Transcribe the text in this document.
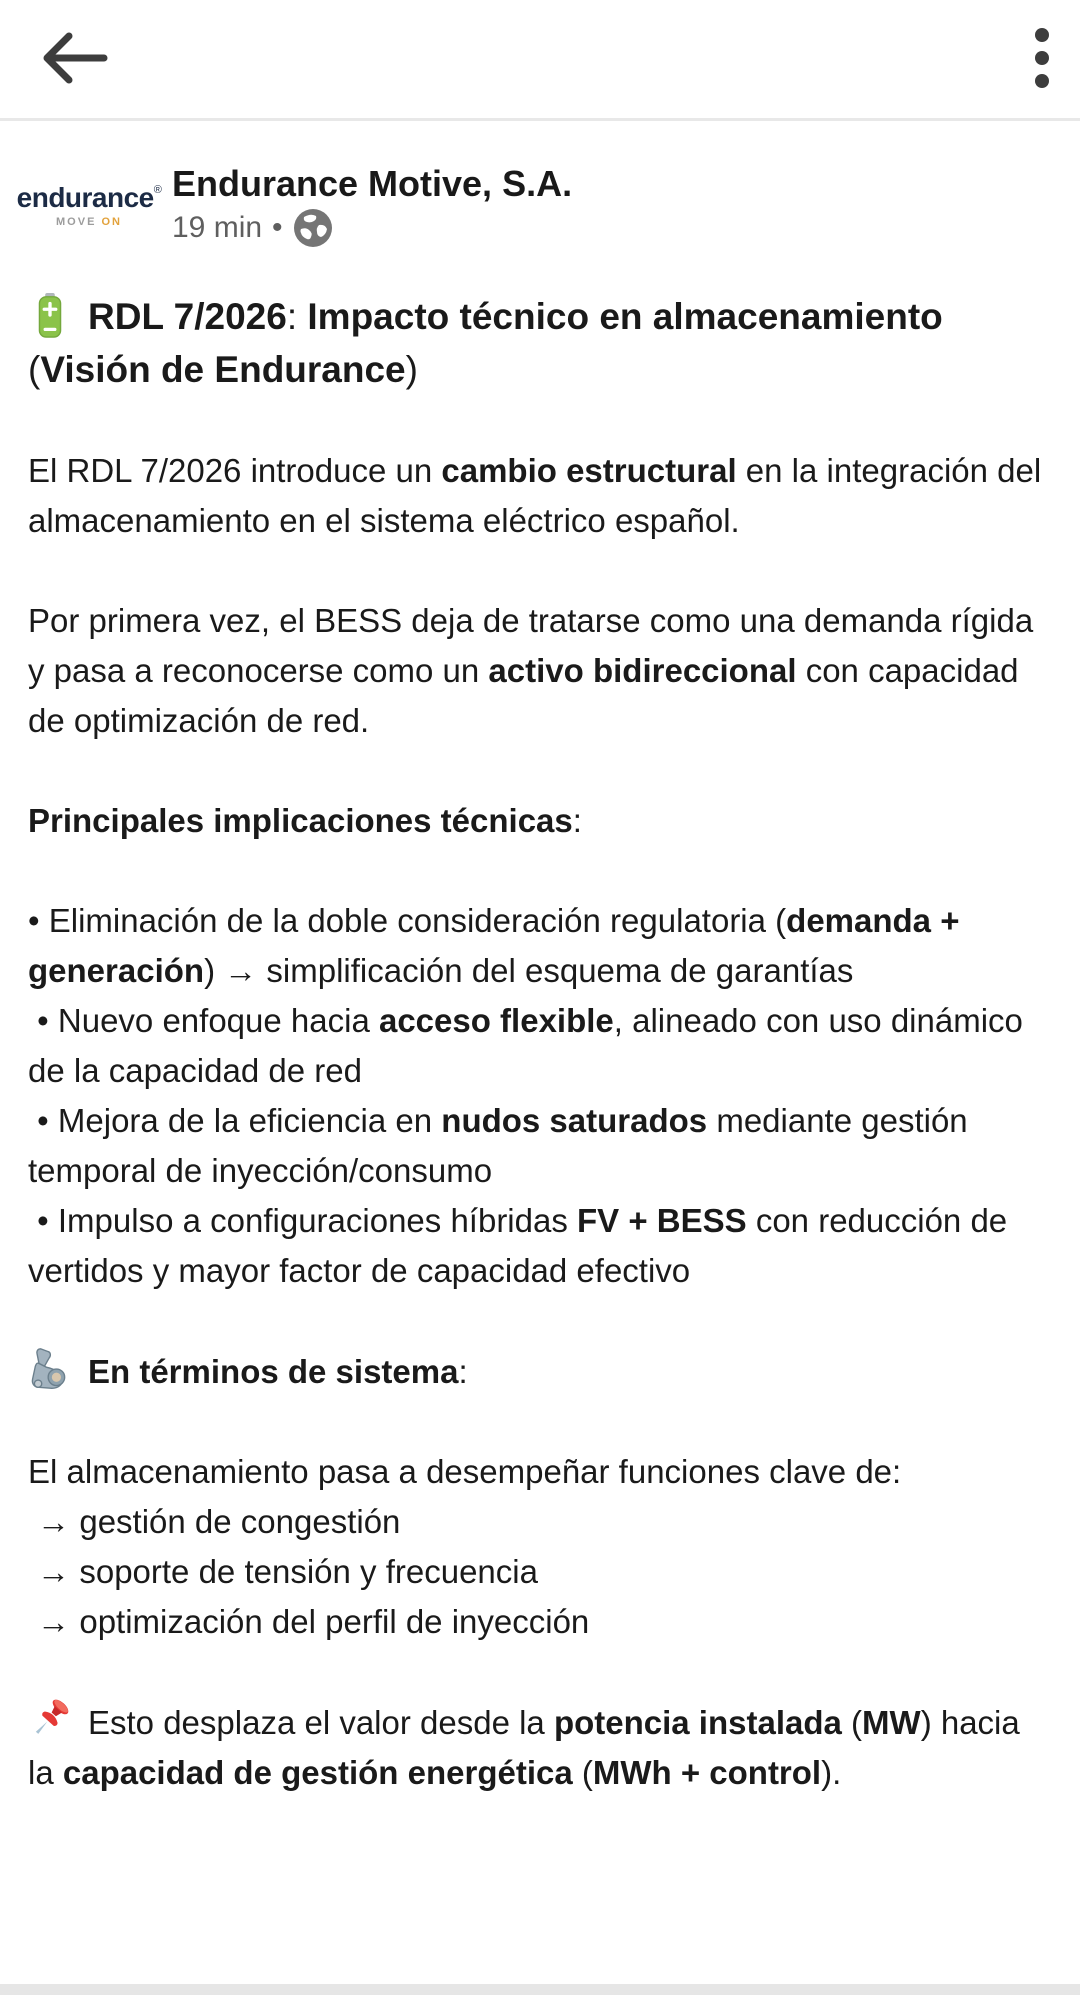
endurance®
MOVE ON
Endurance Motive, S.A.
19 min •

RDL 7/2026: Impacto técnico en almacenamiento (Visión de Endurance)

El RDL 7/2026 introduce un cambio estructural en la integración del almacenamiento en el sistema eléctrico español.

Por primera vez, el BESS deja de tratarse como una demanda rígida y pasa a reconocerse como un activo bidireccional con capacidad de optimización de red.

Principales implicaciones técnicas:

• Eliminación de la doble consideración regulatoria (demanda + generación) → simplificación del esquema de garantías

• Nuevo enfoque hacia acceso flexible, alineado con uso dinámico de la capacidad de red

• Mejora de la eficiencia en nudos saturados mediante gestión temporal de inyección/consumo

• Impulso a configuraciones híbridas FV + BESS con reducción de vertidos y mayor factor de capacidad efectivo

En términos de sistema:

El almacenamiento pasa a desempeñar funciones clave de:

→ gestión de congestión

→ soporte de tensión y frecuencia

→ optimización del perfil de inyección

Esto desplaza el valor desde la potencia instalada (MW) hacia la capacidad de gestión energética (MWh + control).
